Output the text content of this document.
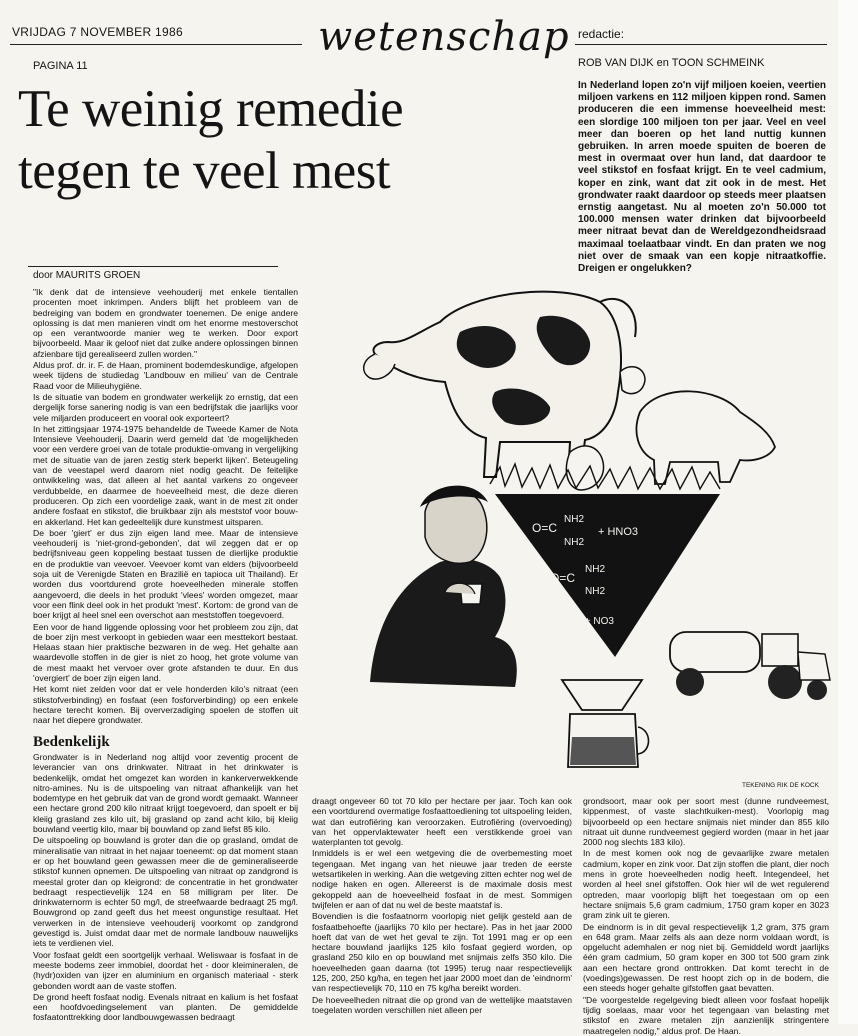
VRIJDAG 7 NOVEMBER 1986
PAGINA 11
wetenschap redactie:
ROB VAN DIJK en TOON SCHMEINK
Te weinig remedie
tegen te veel mest
In Nederland lopen zo'n vijf miljoen koeien, veertien miljoen varkens en 112 miljoen kippen rond. Samen produceren die een immense hoeveelheid mest: een slordige 100 miljoen ton per jaar. Veel en veel meer dan boeren op het land nuttig kunnen gebruiken. In arren moede spuiten de boeren de mest in overmaat over hun land, dat daardoor te veel stikstof en fosfaat krijgt. En te veel cadmium, koper en zink, want dat zit ook in de mest. Het grondwater raakt daardoor op steeds meer plaatsen ernstig aangetast. Nu al moeten zo'n 50.000 tot 100.000 mensen water drinken dat bijvoorbeeld meer nitraat bevat dan de Wereldgezondheidsraad maximaal toelaatbaar vindt. En dan praten we nog niet over de smaak van een kopje nitraatkoffie. Dreigen er ongelukken?
door MAURITS GROEN

"Ik denk dat de intensieve veehouderij met enkele tientallen procenten moet inkrimpen. Anders blijft het probleem van de bedreiging van bodem en grondwater toenemen. De enige andere oplossing is dat men manieren vindt om het enorme mestoverschot op een verantwoorde manier weg te werken. Door export bijvoorbeeld. Maar ik geloof niet dat zulke andere oplossingen binnen afzienbare tijd gerealiseerd zullen worden."

Aldus prof. dr. ir. F. de Haan, prominent bodemdeskundige, afgelopen week tijdens de studiedag 'Landbouw en milieu' van de Centrale Raad voor de Milieuhygiëne.

Is de situatie van bodem en grondwater werkelijk zo ernstig, dat een dergelijk forse sanering nodig is van een bedrijfstak die jaarlijks voor vele miljarden produceert en vooral ook exporteert?

In het zittingsjaar 1974-1975 behandelde de Tweede Kamer de Nota Intensieve Veehouderij. Daarin werd gemeld dat 'de mogelijkheden voor een verdere groei van de totale produktie-omvang in vergelijking met de situatie van de jaren zestig sterk beperkt lijken'. Beteugeling van de veestapel werd daarom niet nodig geacht. De feitelijke ontwikkeling was, dat alleen al het aantal varkens zo ongeveer verdubbelde, en daarmee de hoeveelheid mest, die deze dieren produceren. Op zich een voordelige zaak, want in de mest zit onder andere fosfaat en stikstof, die bruikbaar zijn als meststof voor bouw- en akkerland. Het kan gedeeltelijk dure kunstmest uitsparen.

De boer 'giert' er dus zijn eigen land mee. Maar de intensieve veehouderij is 'niet-grond-gebonden', dat wil zeggen dat er op bedrijfsniveau geen koppeling bestaat tussen de dierlijke produktie en de produktie van veevoer. Veevoer komt van elders (bijvoorbeeld soja uit de Verenigde Staten en Brazilië en tapioca uit Thailand). Er worden dus voortdurend grote hoeveelheden minerale stoffen aangevoerd, die deels in het produkt 'vlees' worden omgezet, maar voor een flink deel ook in het produkt 'mest'. Kortom: de grond van de boer krijgt al heel snel een overschot aan meststoffen toegevoerd.

Een voor de hand liggende oplossing voor het probleem zou zijn, dat de boer zijn mest verkoopt in gebieden waar een mesttekort bestaat. Helaas staan hier praktische bezwaren in de weg. Het gehalte aan waardevolle stoffen in de gier is niet zo hoog, het grote volume van de mest maakt het vervoer over grote afstanden te duur. En dus 'overgiert' de boer zijn eigen land.

Het komt niet zelden voor dat er vele honderden kilo's nitraat (een stikstofverbinding) en fosfaat (een fosforverbinding) op een enkele hectare terecht komen. Bij oververzadiging spoelen de stoffen uit naar het diepere grondwater.

Bedenkelijk

Grondwater is in Nederland nog altijd voor zeventig procent de leverancier van ons drinkwater. Nitraat in het drinkwater is bedenkelijk, omdat het omgezet kan worden in kankerverwekkende nitro-amines. Nu is de uitspoeling van nitraat afhankelijk van het bodemtype en het gebruik dat van de grond wordt gemaakt. Wanneer een hectare grond 200 kilo nitraat krijgt toegevoerd, dan spoelt er bij kleiig grasland zes kilo uit, bij grasland op zand acht kilo, bij kleiig bouwland veertig kilo, maar bij bouwland op zand liefst 85 kilo.

De uitspoeling op bouwland is groter dan die op grasland, omdat de mineralisatie van nitraat in het najaar toeneemt: op dat moment staan er op het bouwland geen gewassen meer die de gemineraliseerde stikstof kunnen opnemen. De uitspoeling van nitraat op zandgrond is meestal groter dan op kleigrond: de concentratie in het grondwater bedraagt respectievelijk 124 en 58 milligram per liter. De drinkwaternorm is echter 50 mg/l, de streefwaarde bedraagt 25 mg/l. Bouwgrond op zand geeft dus het meest ongunstige resultaat. Het verwerken in de intensieve veehouderij voorkomt op zandgrond gevestigd is. Juist omdat daar met de normale landbouw nauwelijks iets te verdienen viel.

Voor fosfaat geldt een soortgelijk verhaal. Weliswaar is fosfaat in de meeste bodems zeer immobiel, doordat het - door kleimineralen, de (hydr)oxiden van ijzer en aluminium en organisch materiaal - sterk gebonden wordt aan de vaste stoffen.

De grond heeft fosfaat nodig. Evenals nitraat en kalium is het fosfaat een hoofdvoedingselement van planten. De gemiddelde fosfaatonttrekking door landbouwgewassen bedraagt

draagt ongeveer 60 tot 70 kilo per hectare per jaar. Toch kan ook een voortdurend overmatige fosfaattoediening tot uitspoeling leiden, wat dan eutrofiëring kan veroorzaken. Eutrofiëring (overvoeding) van het oppervlaktewater heeft een verstikkende groei van waterplanten tot gevolg.

Inmiddels is er wel een wetgeving die de overbemesting moet tegengaan. Met ingang van het nieuwe jaar treden de eerste wetsartikelen in werking. Aan die wetgeving zitten echter nog wel de nodige haken en ogen. Allereerst is de maximale dosis mest gekoppeld aan de hoeveelheid fosfaat in de mest. Sommigen twijfelen er aan of dat nu wel de beste maatstaf is.

Bovendien is die fosfaatnorm voorlopig niet gelijk gesteld aan de fosfaatbehoefte (jaarlijks 70 kilo per hectare). Pas in het jaar 2000 hoeft dat van de wet het geval te zijn. Tot 1991 mag er op een hectare bouwland jaarlijks 125 kilo fosfaat gegierd worden, op grasland 250 kilo en op bouwland met snijmais zelfs 350 kilo. Die hoeveelheden gaan daarna (tot 1995) terug naar respectievelijk 125, 200, 250 kg/ha, en tegen het jaar 2000 moet dan de 'eindnorm' van respectievelijk 70, 110 en 75 kg/ha bereikt worden.

De hoeveelheden nitraat die op grond van de wettelijke maatstaven toegelaten worden verschillen niet alleen per

grondsoort, maar ook per soort mest (dunne rundveemest, kippenmest, of vaste slachtkuiken-mest). Voorlopig mag bijvoorbeeld op een hectare snijmais niet minder dan 855 kilo nitraat uit dunne rundveemest gegierd worden (maar in het jaar 2000 nog slechts 183 kilo).

In de mest komen ook nog de gevaarlijke zware metalen cadmium, koper en zink voor. Dat zijn stoffen die plant, dier noch mens in grote hoeveelheden nodig heeft. Integendeel, het worden al heel snel gifstoffen. Ook hier wil de wet regulerend optreden, maar voorlopig blijft het toegestaan om op een hectare snijmais 5,6 gram cadmium, 1750 gram koper en 3023 gram zink uit te gieren.

De eindnorm is in dit geval respectievelijk 1,2 gram, 375 gram en 648 gram. Maar zelfs als aan deze norm voldaan wordt, is opgelucht ademhalen er nog niet bij. Gemiddeld wordt jaarlijks één gram cadmium, 50 gram koper en 300 tot 500 gram zink aan een hectare grond onttrokken. Dat komt terecht in de (voedings)gewassen. De rest hoopt zich op in de bodem, die een steeds hoger gehalte gifstoffen gaat bevatten.

"De voorgestelde regelgeving biedt alleen voor fosfaat hopelijk tijdig soelaas, maar voor het tegengaan van belasting met stikstof en zware metalen zijn aanzienlijk stringentere maatregelen nodig," aldus prof. De Haan.

O=C
NH2
NH2
+ HNO3
O=C
NH2
NH2
NH3 + NO3
TEKENING RIK DE KOCK
